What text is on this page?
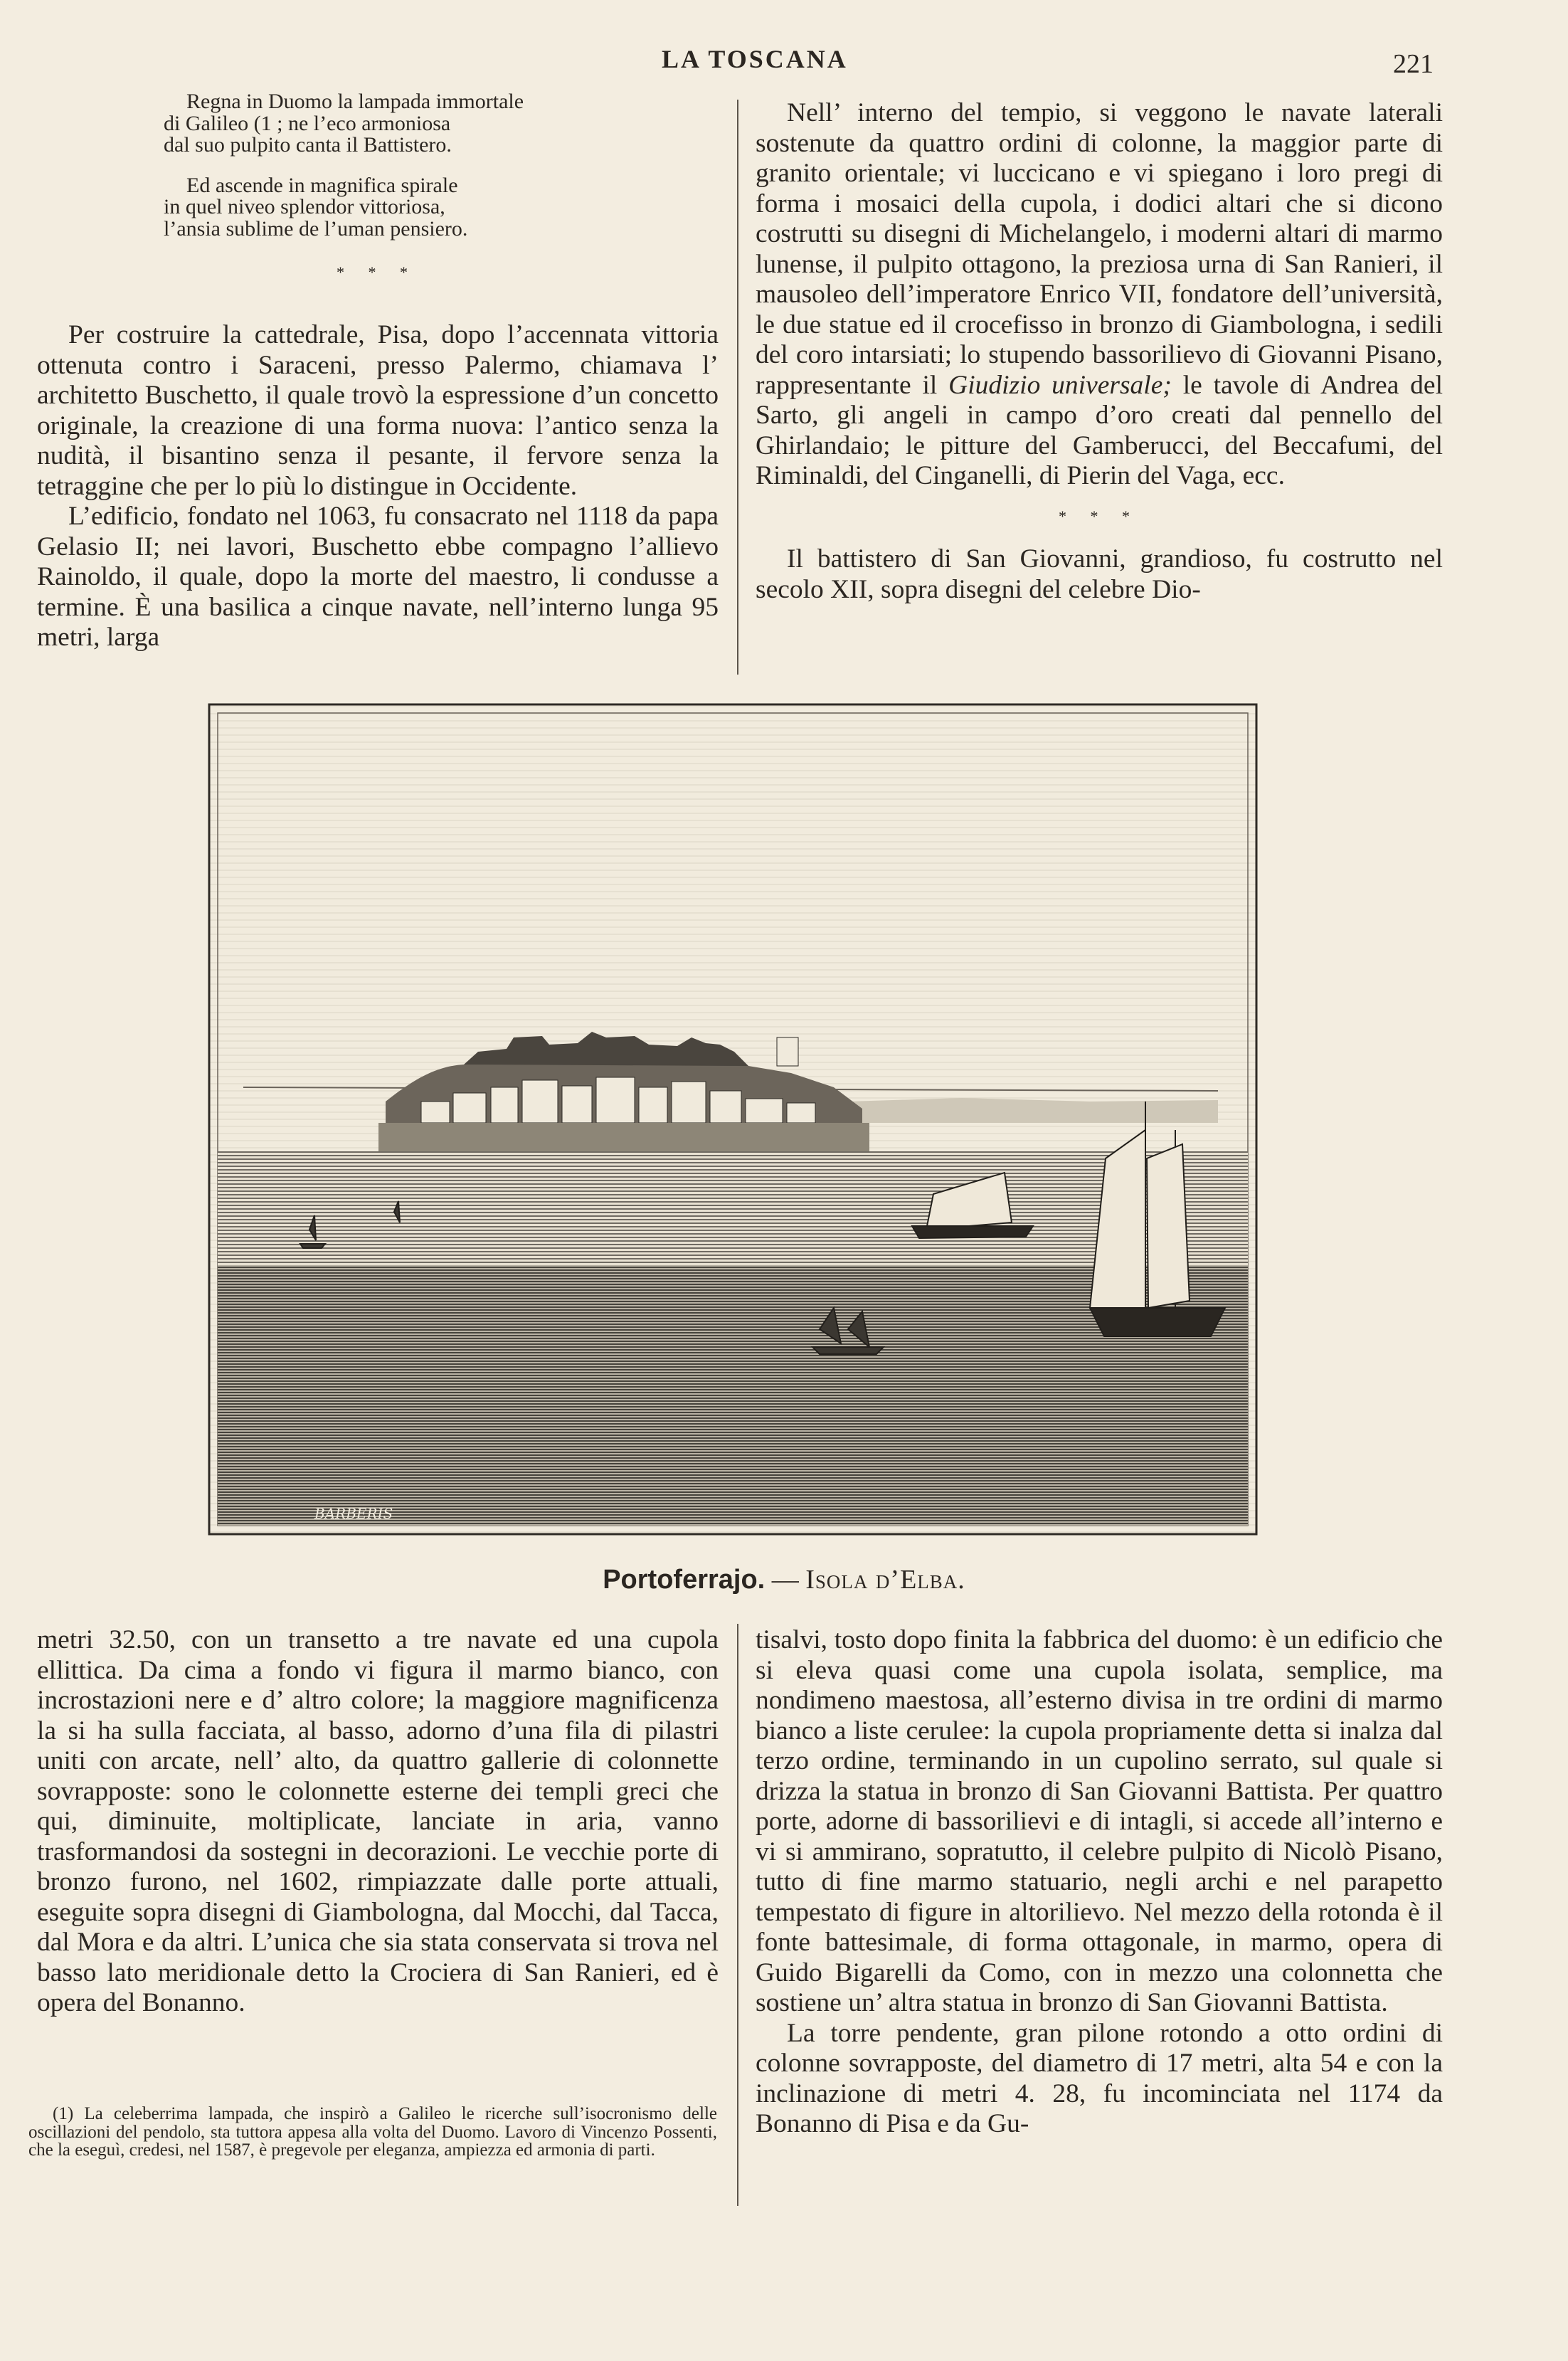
LA TOSCANA	221
Regna in Duomo la lampada immortale
di Galileo (1 ; ne l’eco armoniosa
dal suo pulpito canta il Battistero.
Ed ascende in magnifica spirale
in quel niveo splendor vittoriosa,
l’ansia sublime de l’uman pensiero.
* * *

Per costruire la cattedrale, Pisa, dopo l’accennata vittoria ottenuta contro i Saraceni, presso Palermo, chiamava l’ architetto Buschetto, il quale trovò la espressione d’un concetto originale, la creazione di una forma nuova: l’antico senza la nudità, il bisantino senza il pesante, il fervore senza la tetraggine che per lo più lo distingue in Occidente.

L’edificio, fondato nel 1063, fu consacrato nel 1118 da papa Gelasio II; nei lavori, Buschetto ebbe compagno l’allievo Rainoldo, il quale, dopo la morte del maestro, li condusse a termine. È una basilica a cinque navate, nell’interno lunga 95 metri, larga

Nell’ interno del tempio, si veggono le navate laterali sostenute da quattro ordini di colonne, la maggior parte di granito orientale; vi luccicano e vi spiegano i loro pregi di forma i mosaici della cupola, i dodici altari che si dicono costrutti su disegni di Michelangelo, i moderni altari di marmo lunense, il pulpito ottagono, la preziosa urna di San Ranieri, il mausoleo dell’imperatore Enrico VII, fondatore dell’università, le due statue ed il crocefisso in bronzo di Giambologna, i sedili del coro intarsiati; lo stupendo bassorilievo di Giovanni Pisano, rappresentante il Giudizio universale; le tavole di Andrea del Sarto, gli angeli in campo d’oro creati dal pennello del Ghirlandaio; le pitture del Gamberucci, del Beccafumi, del Riminaldi, del Cinganelli, di Pierin del Vaga, ecc.

* * *

Il battistero di San Giovanni, grandioso, fu costrutto nel secolo XII, sopra disegni del celebre Dio-

BARBERIS
Portoferrajo. — Isola d’Elba.

metri 32.50, con un transetto a tre navate ed una cupola ellittica. Da cima a fondo vi figura il marmo bianco, con incrostazioni nere e d’ altro colore; la maggiore magnificenza la si ha sulla facciata, al basso, adorno d’una fila di pilastri uniti con arcate, nell’ alto, da quattro gallerie di colonnette sovrapposte: sono le colonnette esterne dei templi greci che qui, diminuite, moltiplicate, lanciate in aria, vanno trasformandosi da sostegni in decorazioni. Le vecchie porte di bronzo furono, nel 1602, rimpiazzate dalle porte attuali, eseguite sopra disegni di Giambologna, dal Mocchi, dal Tacca, dal Mora e da altri. L’unica che sia stata conservata si trova nel basso lato meridionale detto la Crociera di San Ranieri, ed è opera del Bonanno.

tisalvi, tosto dopo finita la fabbrica del duomo: è un edificio che si eleva quasi come una cupola isolata, semplice, ma nondimeno maestosa, all’esterno divisa in tre ordini di marmo bianco a liste cerulee: la cupola propriamente detta si inalza dal terzo ordine, terminando in un cupolino serrato, sul quale si drizza la statua in bronzo di San Giovanni Battista. Per quattro porte, adorne di bassorilievi e di intagli, si accede all’interno e vi si ammirano, sopratutto, il celebre pulpito di Nicolò Pisano, tutto di fine marmo statuario, negli archi e nel parapetto tempestato di figure in altorilievo. Nel mezzo della rotonda è il fonte battesimale, di forma ottagonale, in marmo, opera di Guido Bigarelli da Como, con in mezzo una colonnetta che sostiene un’ altra statua in bronzo di San Giovanni Battista.

La torre pendente, gran pilone rotondo a otto ordini di colonne sovrapposte, del diametro di 17 metri, alta 54 e con la inclinazione di metri 4. 28, fu incominciata nel 1174 da Bonanno di Pisa e da Gu-

(1) La celeberrima lampada, che inspirò a Galileo le ricerche sull’isocronismo delle oscillazioni del pendolo, sta tuttora appesa alla volta del Duomo. Lavoro di Vincenzo Possenti, che la eseguì, credesi, nel 1587, è pregevole per eleganza, ampiezza ed armonia di parti.
